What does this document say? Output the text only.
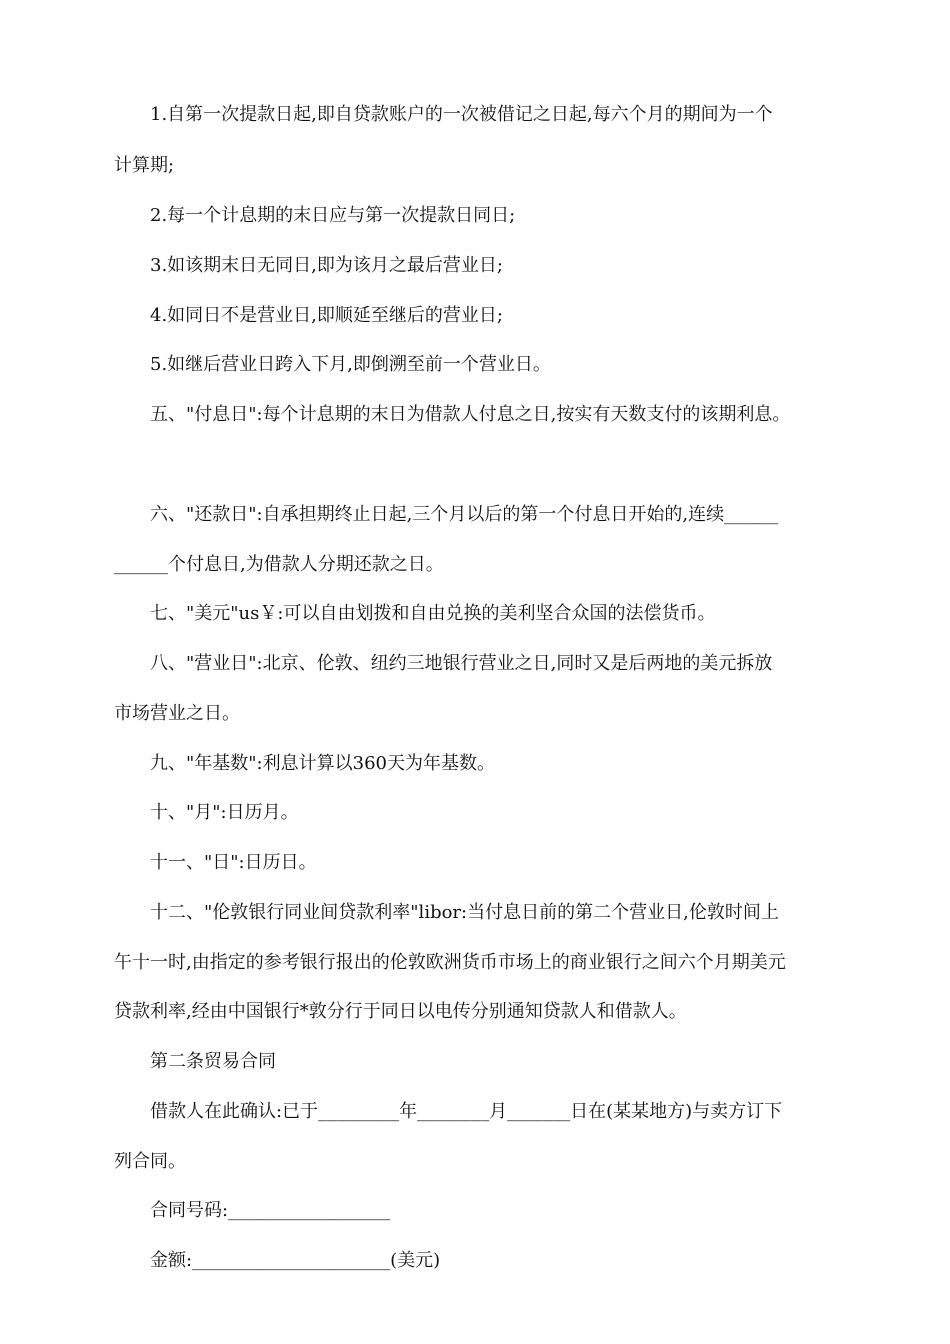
1.自第一次提款日起,即自贷款账户的一次被借记之日起,每六个月的期间为一个
计算期;
2.每一个计息期的末日应与第一次提款日同日;
3.如该期末日无同日,即为该月之最后营业日;
4.如同日不是营业日,即顺延至继后的营业日;
5.如继后营业日跨入下月,即倒溯至前一个营业日。
五、"付息日":每个计息期的末日为借款人付息之日,按实有天数支付的该期利息。
六、"还款日":自承担期终止日起,三个月以后的第一个付息日开始的,连续______
______个付息日,为借款人分期还款之日。
七、"美元"us￥:可以自由划拨和自由兑换的美利坚合众国的法偿货币。
八、"营业日":北京、伦敦、纽约三地银行营业之日,同时又是后两地的美元拆放
市场营业之日。
九、"年基数":利息计算以360天为年基数。
十、"月":日历月。
十一、"日":日历日。
十二、"伦敦银行同业间贷款利率"libor:当付息日前的第二个营业日,伦敦时间上
午十一时,由指定的参考银行报出的伦敦欧洲货币市场上的商业银行之间六个月期美元
贷款利率,经由中国银行*敦分行于同日以电传分别通知贷款人和借款人。
第二条贸易合同
借款人在此确认:已于_________年________月_______日在(某某地方)与卖方订下
列合同。
合同号码:__________________
金额:______________________(美元)
